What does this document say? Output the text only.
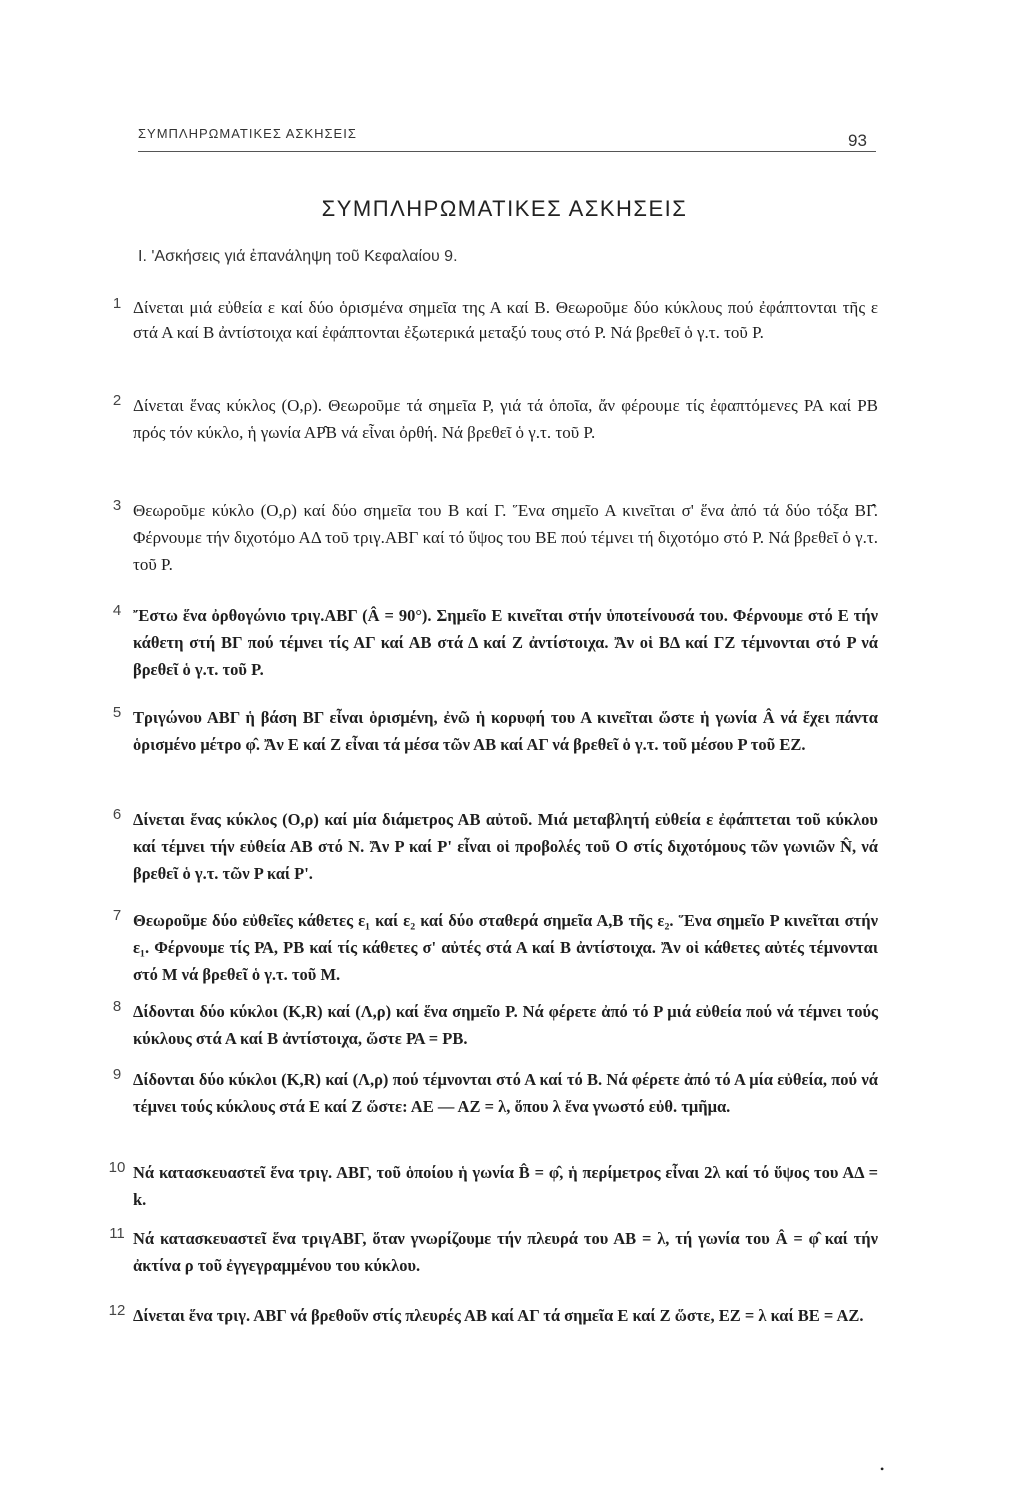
ΣΥΜΠΛΗΡΩΜΑΤΙΚΕΣ ΑΣΚΗΣΕΙΣ	93
ΣΥΜΠΛΗΡΩΜΑΤΙΚΕΣ ΑΣΚΗΣΕΙΣ
I. 'Ασκήσεις γιά ἐπανάληψη τοῦ Κεφαλαίου 9.
1 Δίνεται μιά εὐθεία ε καί δύο ὁρισμένα σημεῖα της Α καί Β. Θεωροῦμε δύο κύκλους πού ἐφάπτονται τῆς ε στά Α καί Β ἀντίστοιχα καί ἐφάπτονται ἐξωτερικά μεταξύ τους στό Ρ. Νά βρεθεῖ ὁ γ.τ. τοῦ Ρ.
2 Δίνεται ἕνας κύκλος (Ο,ρ). Θεωροῦμε τά σημεῖα Ρ, γιά τά ὁποῖα, ἄν φέρουμε τίς ἐφαπτόμενες ΡΑ καί ΡΒ πρός τόν κύκλο, ἡ γωνία ΑΡ̂Β νά εἶναι ὀρθή. Νά βρεθεῖ ὁ γ.τ. τοῦ Ρ.
3 Θεωροῦμε κύκλο (Ο,ρ) καί δύο σημεῖα του Β καί Γ. Ἕνα σημεῖο Α κινεῖται σ' ἕνα ἀπό τά δύο τόξα ΒΓ̂. Φέρνουμε τήν διχοτόμο ΑΔ τοῦ τριγ.ΑΒΓ καί τό ὕψος του ΒΕ πού τέμνει τή διχοτόμο στό Ρ. Νά βρεθεῖ ὁ γ.τ. τοῦ Ρ.
4 Ἔστω ἕνα ὀρθογώνιο τριγ.ΑΒΓ (Â = 90°). Σημεῖο Ε κινεῖται στήν ὑποτείνουσά του. Φέρνουμε στό Ε τήν κάθετη στή ΒΓ πού τέμνει τίς ΑΓ καί ΑΒ στά Δ καί Ζ ἀντίστοιχα. Ἄν οἱ ΒΔ καί ΓΖ τέμνονται στό Ρ νά βρεθεῖ ὁ γ.τ. τοῦ Ρ.
5 Τριγώνου ΑΒΓ ἡ βάση ΒΓ εἶναι ὁρισμένη, ἐνῶ ἡ κορυφή του Α κινεῖται ὥστε ἡ γωνία Â νά ἔχει πάντα ὁρισμένο μέτρο φ̂. Ἄν Ε καί Ζ εἶναι τά μέσα τῶν ΑΒ καί ΑΓ νά βρεθεῖ ὁ γ.τ. τοῦ μέσου Ρ τοῦ ΕΖ.
6 Δίνεται ἕνας κύκλος (Ο,ρ) καί μία διάμετρος ΑΒ αὐτοῦ. Μιά μεταβλητή εὐθεία ε ἐφάπτεται τοῦ κύκλου καί τέμνει τήν εὐθεία ΑΒ στό Ν. Ἄν Ρ καί Ρ' εἶναι οἱ προβολές τοῦ Ο στίς διχοτόμους τῶν γωνιῶν N̂, νά βρεθεῖ ὁ γ.τ. τῶν Ρ καί Ρ'.
7 Θεωροῦμε δύο εὐθεῖες κάθετες ε₁ καί ε₂ καί δύο σταθερά σημεῖα Α,Β τῆς ε₂. Ἕνα σημεῖο Ρ κινεῖται στήν ε₁. Φέρνουμε τίς ΡΑ, ΡΒ καί τίς κάθετες σ' αὐτές στά Α καί Β ἀντίστοιχα. Ἄν οἱ κάθετες αὐτές τέμνονται στό Μ νά βρεθεῖ ὁ γ.τ. τοῦ Μ.
8 Δίδονται δύο κύκλοι (Κ,R) καί (Λ,ρ) καί ἕνα σημεῖο Ρ. Νά φέρετε ἀπό τό Ρ μιά εὐθεία πού νά τέμνει τούς κύκλους στά Α καί Β ἀντίστοιχα, ὥστε ΡΑ = ΡΒ.
9 Δίδονται δύο κύκλοι (Κ,R) καί (Λ,ρ) πού τέμνονται στό Α καί τό Β. Νά φέρετε ἀπό τό Α μία εὐθεία, πού νά τέμνει τούς κύκλους στά Ε καί Ζ ὥστε: ΑΕ — ΑΖ = λ, ὅπου λ ἕνα γνωστό εὐθ. τμῆμα.
10 Νά κατασκευαστεῖ ἕνα τριγ. ΑΒΓ, τοῦ ὁποίου ἡ γωνία B̂ = φ̂, ἡ περίμετρος εἶναι 2λ καί τό ὕψος του ΑΔ = k.
11 Νά κατασκευαστεῖ ἕνα τριγΑΒΓ, ὅταν γνωρίζουμε τήν πλευρά του ΑΒ = λ, τή γωνία του Â = φ̂ καί τήν ἀκτίνα ρ τοῦ ἐγγεγραμμένου του κύκλου.
12 Δίνεται ἕνα τριγ. ΑΒΓ νά βρεθοῦν στίς πλευρές ΑΒ καί ΑΓ τά σημεῖα Ε καί Ζ ὥστε, ΕΖ = λ καί ΒΕ = ΑΖ.
•
